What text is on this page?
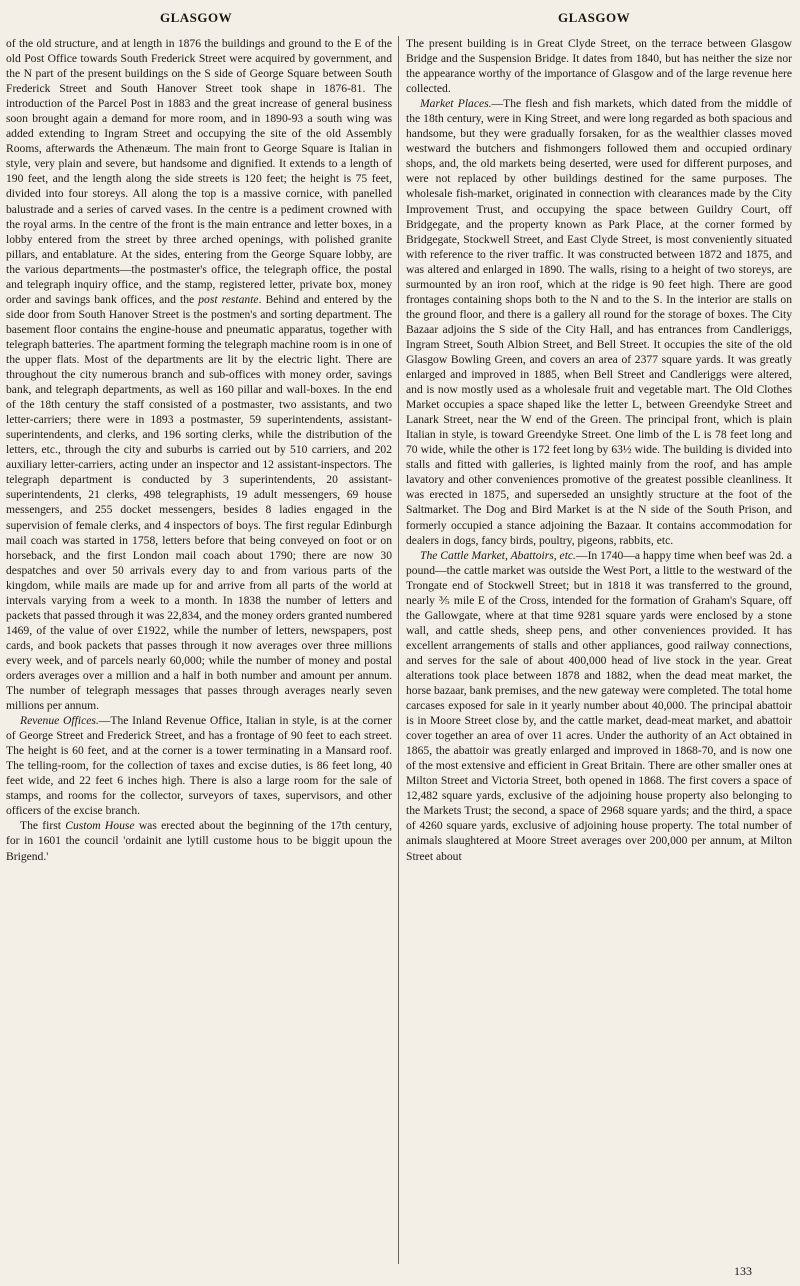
GLASGOW	GLASGOW

of the old structure, and at length in 1876 the buildings and ground to the E of the old Post Office towards South Frederick Street were acquired by government, and the N part of the present buildings on the S side of George Square between South Frederick Street and South Hanover Street took shape in 1876-81. The introduction of the Parcel Post in 1883 and the great increase of general business soon brought again a demand for more room, and in 1890-93 a south wing was added extending to Ingram Street and occupying the site of the old Assembly Rooms, afterwards the Athenæum. The main front to George Square is Italian in style, very plain and severe, but handsome and dignified. It extends to a length of 190 feet, and the length along the side streets is 120 feet; the height is 75 feet, divided into four storeys. All along the top is a massive cornice, with panelled balustrade and a series of carved vases. In the centre is a pediment crowned with the royal arms. In the centre of the front is the main entrance and letter boxes, in a lobby entered from the street by three arched openings, with polished granite pillars, and entablature. At the sides, entering from the George Square lobby, are the various departments—the postmaster's office, the telegraph office, the postal and telegraph inquiry office, and the stamp, registered letter, private box, money order and savings bank offices, and the post restante. Behind and entered by the side door from South Hanover Street is the postmen's and sorting department. The basement floor contains the engine-house and pneumatic apparatus, together with telegraph batteries. The apartment forming the telegraph machine room is in one of the upper flats. Most of the departments are lit by the electric light. There are throughout the city numerous branch and sub-offices with money order, savings bank, and telegraph departments, as well as 160 pillar and wall-boxes. In the end of the 18th century the staff consisted of a postmaster, two assistants, and two letter-carriers; there were in 1893 a postmaster, 59 superintendents, assistant-superintendents, and clerks, and 196 sorting clerks, while the distribution of the letters, etc., through the city and suburbs is carried out by 510 carriers, and 202 auxiliary letter-carriers, acting under an inspector and 12 assistant-inspectors. The telegraph department is conducted by 3 superintendents, 20 assistant-superintendents, 21 clerks, 498 telegraphists, 19 adult messengers, 69 house messengers, and 255 docket messengers, besides 8 ladies engaged in the supervision of female clerks, and 4 inspectors of boys. The first regular Edinburgh mail coach was started in 1758, letters before that being conveyed on foot or on horseback, and the first London mail coach about 1790; there are now 30 despatches and over 50 arrivals every day to and from various parts of the kingdom, while mails are made up for and arrive from all parts of the world at intervals varying from a week to a month. In 1838 the number of letters and packets that passed through it was 22,834, and the money orders granted numbered 1469, of the value of over £1922, while the number of letters, newspapers, post cards, and book packets that passes through it now averages over three millions every week, and of parcels nearly 60,000; while the number of money and postal orders averages over a million and a half in both number and amount per annum. The number of telegraph messages that passes through averages nearly seven millions per annum.

Revenue Offices.—The Inland Revenue Office, Italian in style, is at the corner of George Street and Frederick Street, and has a frontage of 90 feet to each street. The height is 60 feet, and at the corner is a tower terminating in a Mansard roof. The telling-room, for the collection of taxes and excise duties, is 86 feet long, 40 feet wide, and 22 feet 6 inches high. There is also a large room for the sale of stamps, and rooms for the collector, surveyors of taxes, supervisors, and other officers of the excise branch.

The first Custom House was erected about the beginning of the 17th century, for in 1601 the council 'ordainit ane lytill custome hous to be biggit upoun the Brigend.'

The present building is in Great Clyde Street, on the terrace between Glasgow Bridge and the Suspension Bridge. It dates from 1840, but has neither the size nor the appearance worthy of the importance of Glasgow and of the large revenue here collected.

Market Places.—The flesh and fish markets, which dated from the middle of the 18th century, were in King Street, and were long regarded as both spacious and handsome, but they were gradually forsaken, for as the wealthier classes moved westward the butchers and fishmongers followed them and occupied ordinary shops, and, the old markets being deserted, were used for different purposes, and were not replaced by other buildings destined for the same purposes. The wholesale fish-market, originated in connection with clearances made by the City Improvement Trust, and occupying the space between Guildry Court, off Bridgegate, and the property known as Park Place, at the corner formed by Bridgegate, Stockwell Street, and East Clyde Street, is most conveniently situated with reference to the river traffic. It was constructed between 1872 and 1875, and was altered and enlarged in 1890. The walls, rising to a height of two storeys, are surmounted by an iron roof, which at the ridge is 90 feet high. There are good frontages containing shops both to the N and to the S. In the interior are stalls on the ground floor, and there is a gallery all round for the storage of boxes. The City Bazaar adjoins the S side of the City Hall, and has entrances from Candleriggs, Ingram Street, South Albion Street, and Bell Street. It occupies the site of the old Glasgow Bowling Green, and covers an area of 2377 square yards. It was greatly enlarged and improved in 1885, when Bell Street and Candleriggs were altered, and is now mostly used as a wholesale fruit and vegetable mart. The Old Clothes Market occupies a space shaped like the letter L, between Greendyke Street and Lanark Street, near the W end of the Green. The principal front, which is plain Italian in style, is toward Greendyke Street. One limb of the L is 78 feet long and 70 wide, while the other is 172 feet long by 63½ wide. The building is divided into stalls and fitted with galleries, is lighted mainly from the roof, and has ample lavatory and other conveniences promotive of the greatest possible cleanliness. It was erected in 1875, and superseded an unsightly structure at the foot of the Saltmarket. The Dog and Bird Market is at the N side of the South Prison, and formerly occupied a stance adjoining the Bazaar. It contains accommodation for dealers in dogs, fancy birds, poultry, pigeons, rabbits, etc.

The Cattle Market, Abattoirs, etc.—In 1740—a happy time when beef was 2d. a pound—the cattle market was outside the West Port, a little to the westward of the Trongate end of Stockwell Street; but in 1818 it was transferred to the ground, nearly ⅗ mile E of the Cross, intended for the formation of Graham's Square, off the Gallowgate, where at that time 9281 square yards were enclosed by a stone wall, and cattle sheds, sheep pens, and other conveniences provided. It has excellent arrangements of stalls and other appliances, good railway connections, and serves for the sale of about 400,000 head of live stock in the year. Great alterations took place between 1878 and 1882, when the dead meat market, the horse bazaar, bank premises, and the new gateway were completed. The total home carcases exposed for sale in it yearly number about 40,000. The principal abattoir is in Moore Street close by, and the cattle market, dead-meat market, and abattoir cover together an area of over 11 acres. Under the authority of an Act obtained in 1865, the abattoir was greatly enlarged and improved in 1868-70, and is now one of the most extensive and efficient in Great Britain. There are other smaller ones at Milton Street and Victoria Street, both opened in 1868. The first covers a space of 12,482 square yards, exclusive of the adjoining house property also belonging to the Markets Trust; the second, a space of 2968 square yards; and the third, a space of 4260 square yards, exclusive of adjoining house property. The total number of animals slaughtered at Moore Street averages over 200,000 per annum, at Milton Street about

133
